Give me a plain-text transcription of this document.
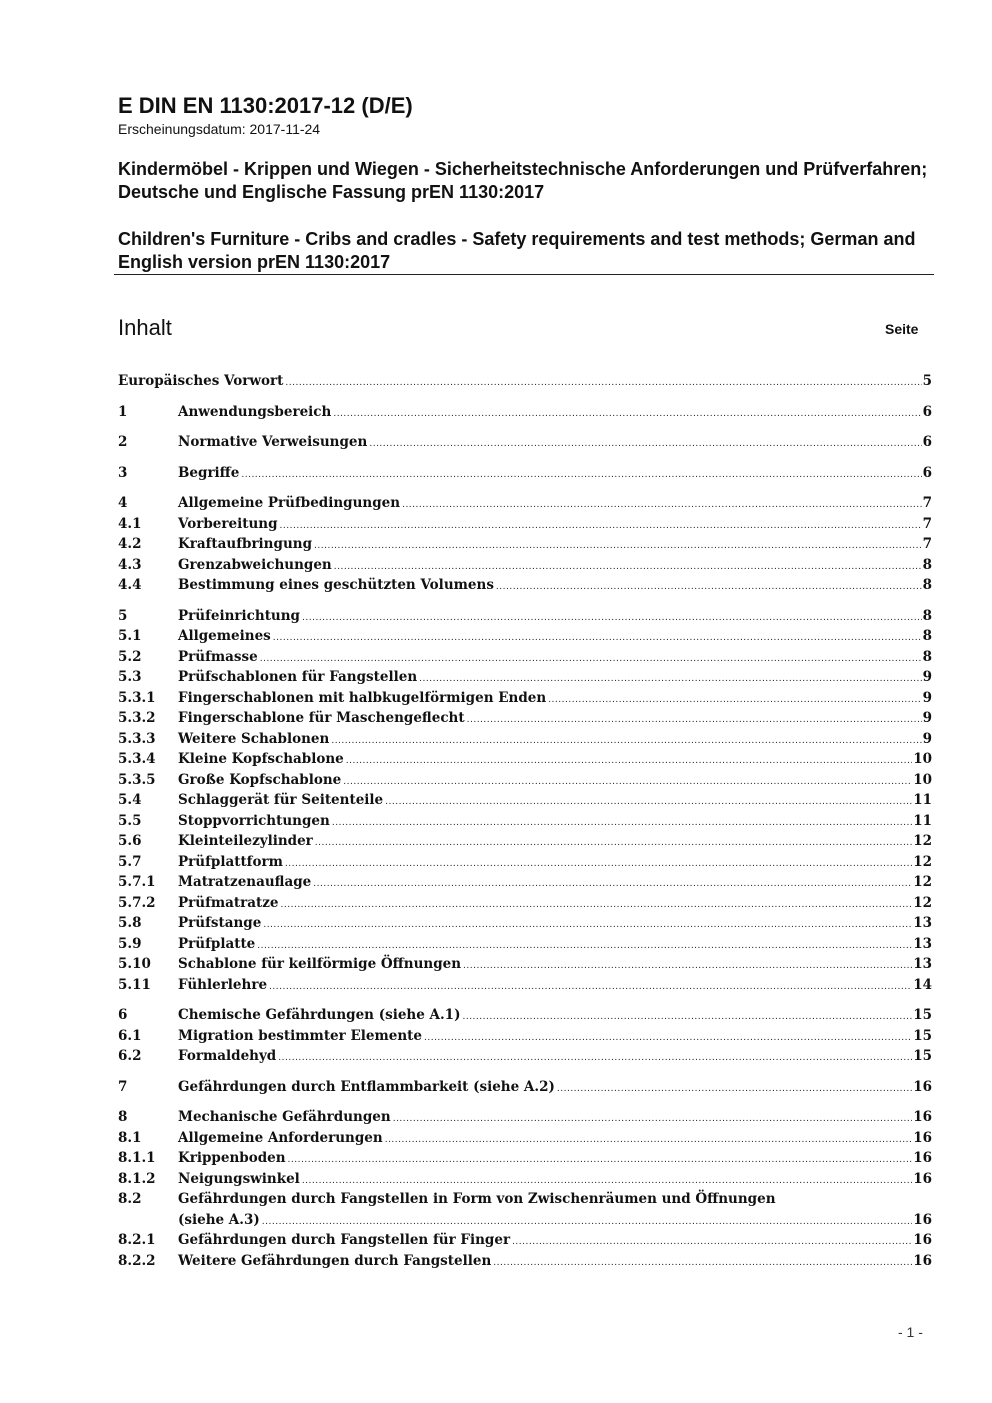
E DIN EN 1130:2017-12 (D/E)

Erscheinungsdatum: 2017-11-24

Kindermöbel - Krippen und Wiegen - Sicherheitstechnische Anforderungen und Prüfverfahren; Deutsche und Englische Fassung prEN 1130:2017

Children's Furniture - Cribs and cradles - Safety requirements and test methods; German and English version prEN 1130:2017

Inhalt	Seite
Europäisches Vorwort .....	5
1	Anwendungsbereich .....	6
2	Normative Verweisungen .....	6
3	Begriffe .....	6
4	Allgemeine Prüfbedingungen .....	7
4.1	Vorbereitung .....	7
4.2	Kraftaufbringung .....	7
4.3	Grenzabweichungen .....	8
4.4	Bestimmung eines geschützten Volumens .....	8
5	Prüfeinrichtung .....	8
5.1	Allgemeines .....	8
5.2	Prüfmasse .....	8
5.3	Prüfschablonen für Fangstellen .....	9
5.3.1	Fingerschablonen mit halbkugelförmigen Enden .....	9
5.3.2	Fingerschablone für Maschengeflecht .....	9
5.3.3	Weitere Schablonen .....	9
5.3.4	Kleine Kopfschablone .....	10
5.3.5	Große Kopfschablone .....	10
5.4	Schlaggerät für Seitenteile .....	11
5.5	Stoppvorrichtungen .....	11
5.6	Kleinteilezylinder .....	12
5.7	Prüfplattform .....	12
5.7.1	Matratzenauflage .....	12
5.7.2	Prüfmatratze .....	12
5.8	Prüfstange .....	13
5.9	Prüfplatte .....	13
5.10	Schablone für keilförmige Öffnungen .....	13
5.11	Fühlerlehre .....	14
6	Chemische Gefährdungen (siehe A.1) .....	15
6.1	Migration bestimmter Elemente .....	15
6.2	Formaldehyd .....	15
7	Gefährdungen durch Entflammbarkeit (siehe A.2) .....	16
8	Mechanische Gefährdungen .....	16
8.1	Allgemeine Anforderungen .....	16
8.1.1	Krippenboden .....	16
8.1.2	Neigungswinkel .....	16
8.2	Gefährdungen durch Fangstellen in Form von Zwischenräumen und Öffnungen
(siehe A.3) .....	16
8.2.1	Gefährdungen durch Fangstellen für Finger .....	16
8.2.2	Weitere Gefährdungen durch Fangstellen .....	16
- 1 -
